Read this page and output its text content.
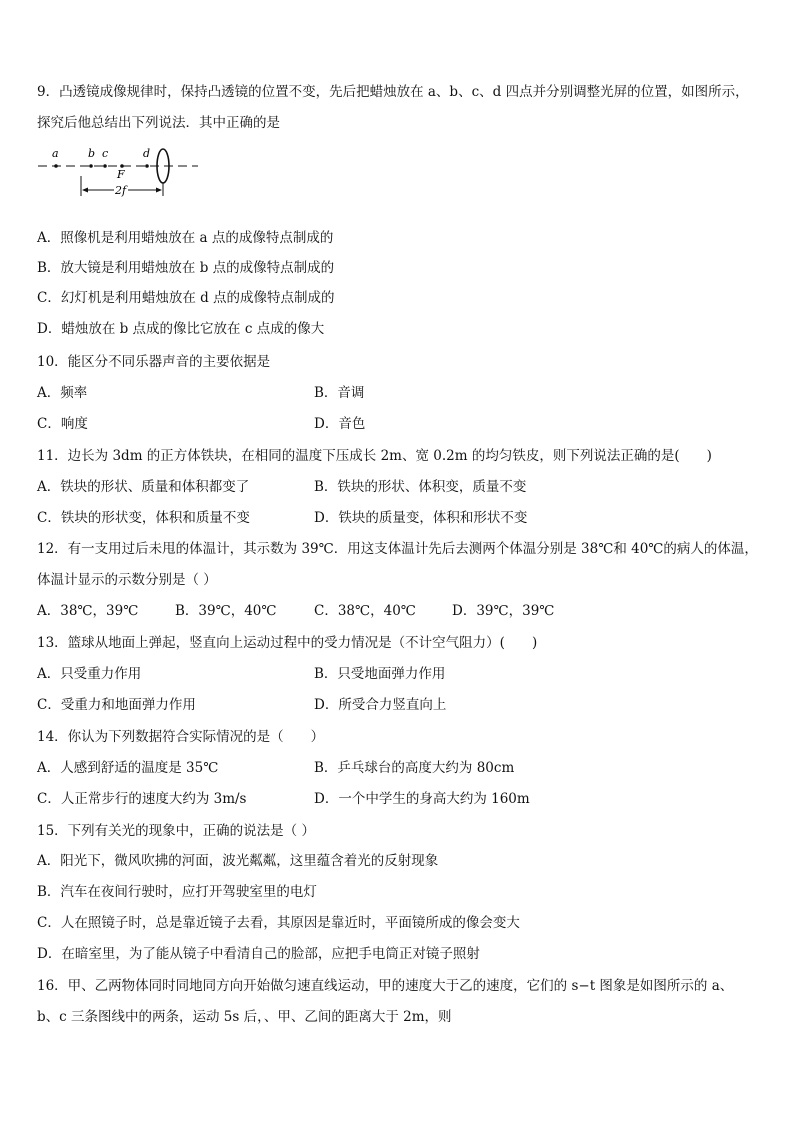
9．凸透镜成像规律时，保持凸透镜的位置不变，先后把蜡烛放在 a、b、c、d 四点并分别调整光屏的位置，如图所示，
探究后他总结出下列说法．其中正确的是
a	b c	d
F
2f
A．照像机是利用蜡烛放在 a 点的成像特点制成的
B．放大镜是利用蜡烛放在 b 点的成像特点制成的
C．幻灯机是利用蜡烛放在 d 点的成像特点制成的
D．蜡烛放在 b 点成的像比它放在 c 点成的像大
10．能区分不同乐器声音的主要依据是
A．频率	B．音调
C．响度	D．音色
11．边长为 3dm 的正方体铁块，在相同的温度下压成长 2m、宽 0.2m 的均匀铁皮，则下列说法正确的是(　　)
A．铁块的形状、质量和体积都变了	B．铁块的形状、体积变，质量不变
C．铁块的形状变，体积和质量不变	D．铁块的质量变，体积和形状不变
12．有一支用过后未甩的体温计，其示数为 39℃．用这支体温计先后去测两个体温分别是 38℃和 40℃的病人的体温，
体温计显示的示数分别是（ ）
A．38℃，39℃	B．39℃，40℃	C．38℃，40℃	D．39℃，39℃
13．篮球从地面上弹起，竖直向上运动过程中的受力情况是（不计空气阻力）(　　)
A．只受重力作用	B．只受地面弹力作用
C．受重力和地面弹力作用	D．所受合力竖直向上
14．你认为下列数据符合实际情况的是（　　）
A．人感到舒适的温度是 35℃	B．乒乓球台的高度大约为 80cm
C．人正常步行的速度大约为 3m/s	D．一个中学生的身高大约为 160m
15．下列有关光的现象中，正确的说法是（ ）
A．阳光下，微风吹拂的河面，波光粼粼，这里蕴含着光的反射现象
B．汽车在夜间行驶时，应打开驾驶室里的电灯
C．人在照镜子时，总是靠近镜子去看，其原因是靠近时，平面镜所成的像会变大
D．在暗室里，为了能从镜子中看清自己的脸部，应把手电筒正对镜子照射
16．甲、乙两物体同时同地同方向开始做匀速直线运动，甲的速度大于乙的速度，它们的 s−t 图象是如图所示的 a、
b、c 三条图线中的两条，运动 5s 后，、甲、乙间的距离大于 2m，则
